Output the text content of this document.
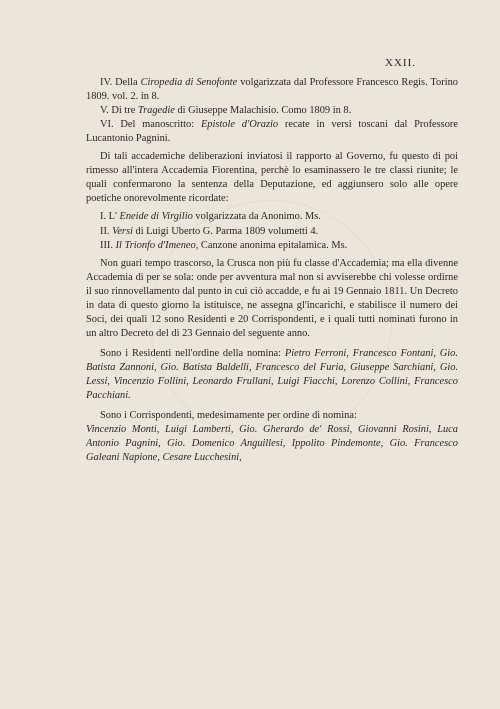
XXII.

IV. Della Ciropedia di Senofonte volgarizzata dal Professore Francesco Regis. Torino 1809. vol. 2. in 8.

V. Di tre Tragedie di Giuseppe Malachisio. Como 1809 in 8.

VI. Del manoscritto: Epistole d'Orazio recate in versi toscani dal Professore Lucantonio Pagnini.

Di tali accademiche deliberazioni inviatosi il rapporto al Governo, fu questo di poi rimesso all'intera Accademia Fiorentina, perchè lo esaminassero le tre classi riunite; le quali confermarono la sentenza della Deputazione, ed aggiunsero solo alle opere poetiche onorevolmente ricordate:

I. L' Eneide di Virgilio volgarizzata da Anonimo. Ms.

II. Versi di Luigi Uberto G. Parma 1809 volumetti 4.

III. Il Trionfo d'Imeneo, Canzone anonima epitalamica. Ms.

Non guari tempo trascorso, la Crusca non più fu classe d'Accademia; ma ella divenne Accademia di per se sola: onde per avventura mal non si avviserebbe chi volesse ordirne il suo rinnovellamento dal punto in cui ciò accadde, e fu ai 19 Gennaio 1811. Un Decreto in data di questo giorno la istituisce, ne assegna gl'incarichi, e stabilisce il numero dei Soci, dei quali 12 sono Residenti e 20 Corrispondenti, e i quali tutti nominati furono in un altro Decreto del dì 23 Gennaio del seguente anno.

Sono i Residenti nell'ordine della nomina: Pietro Ferroni, Francesco Fontani, Gio. Batista Zannoni, Gio. Batista Baldelli, Francesco del Furia, Giuseppe Sarchiani, Gio. Lessi, Vincenzio Follini, Leonardo Frullani, Luigi Fiacchi, Lorenzo Collini, Francesco Pacchiani.

Sono i Corrispondenti, medesimamente per ordine di nomina:

Vincenzio Monti, Luigi Lamberti, Gio. Gherardo de' Rossi, Giovanni Rosini, Luca Antonio Pagnini, Gio. Domenico Anguillesi, Ippolito Pindemonte, Gio. Francesco Galeani Napione, Cesare Lucchesini,
